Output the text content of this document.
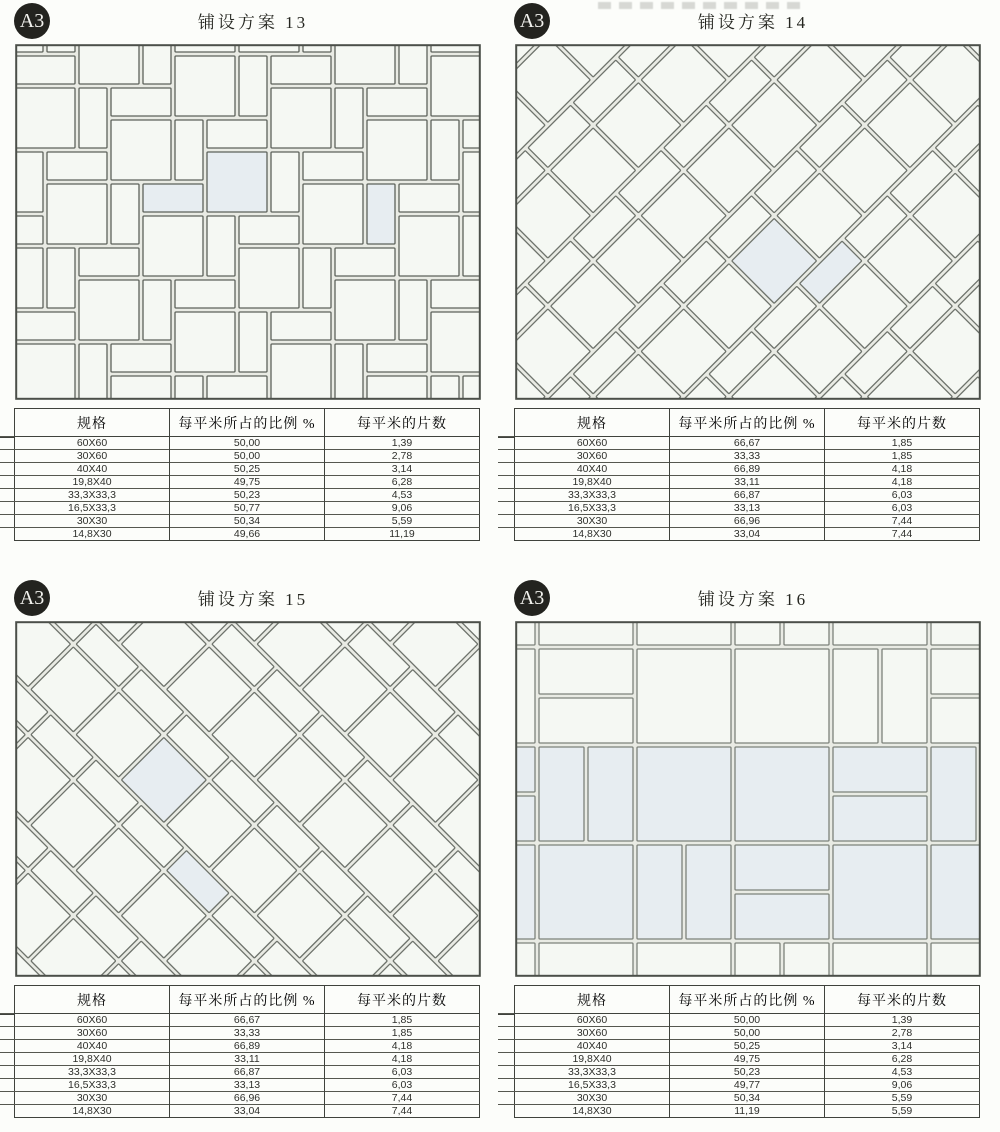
A3	铺设方案 13
规格	每平米所占的比例 %	每平米的片数
60X60	50,00	1,39
30X60	50,00	2,78
40X40	50,25	3,14
19,8X40	49,75	6,28
33,3X33,3	50,23	4,53
16,5X33,3	50,77	9,06
30X30	50,34	5,59
14,8X30	49,66	11,19
A3	铺设方案 14
规格	每平米所占的比例 %	每平米的片数
60X60	66,67	1,85
30X60	33,33	1,85
40X40	66,89	4,18
19,8X40	33,11	4,18
33,3X33,3	66,87	6,03
16,5X33,3	33,13	6,03
30X30	66,96	7,44
14,8X30	33,04	7,44
A3	铺设方案 15
规格	每平米所占的比例 %	每平米的片数
60X60	66,67	1,85
30X60	33,33	1,85
40X40	66,89	4,18
19,8X40	33,11	4,18
33,3X33,3	66,87	6,03
16,5X33,3	33,13	6,03
30X30	66,96	7,44
14,8X30	33,04	7,44
A3	铺设方案 16
规格	每平米所占的比例 %	每平米的片数
60X60	50,00	1,39
30X60	50,00	2,78
40X40	50,25	3,14
19,8X40	49,75	6,28
33,3X33,3	50,23	4,53
16,5X33,3	49,77	9,06
30X30	50,34	5,59
14,8X30	11,19	5,59
